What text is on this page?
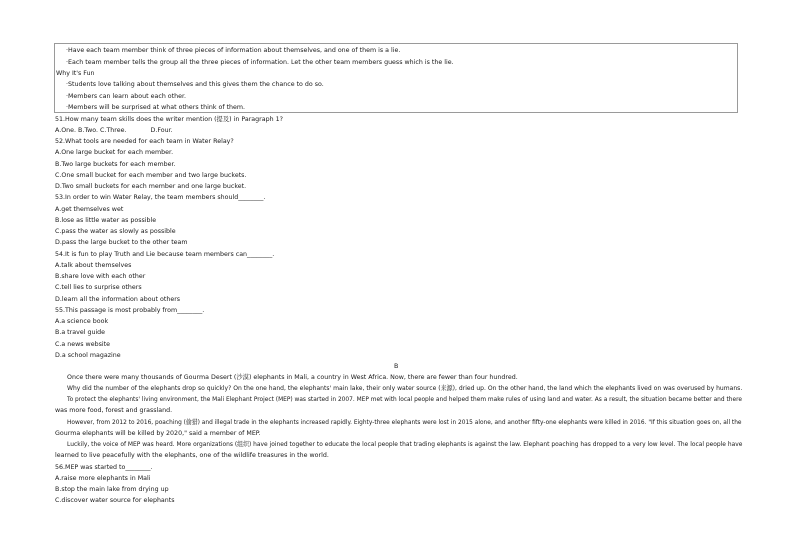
·Have each team member think of three pieces of information about themselves, and one of them is a lie.
·Each team member tells the group all the three pieces of information. Let the other team members guess which is the lie.
Why It's Fun
·Students love talking about themselves and this gives them the chance to do so.
·Members can learn about each other.
·Members will be surprised at what others think of them.
51.How many team skills does the writer mention (提及) in Paragraph 1?
A.One. B.Two. C.Three.            D.Four.
52.What tools are needed for each team in Water Relay?
A.One large bucket for each member.
B.Two large buckets for each member.
C.One small bucket for each member and two large buckets.
D.Two small buckets for each member and one large bucket.
53.In order to win Water Relay, the team members should________.
A.get themselves wet
B.lose as little water as possible
C.pass the water as slowly as possible
D.pass the large bucket to the other team
54.It is fun to play Truth and Lie because team members can________.
A.talk about themselves
B.share love with each other
C.tell lies to surprise others
D.learn all the information about others
55.This passage is most probably from________.
A.a science book
B.a travel guide
C.a news website
D.a school magazine
B
Once there were many thousands of Gourma Desert (沙漠) elephants in Mali, a country in West Africa. Now, there are fewer than four hundred.
Why did the number of the elephants drop so quickly? On the one hand, the elephants' main lake, their only water source (来源), dried up. On the other hand, the land which the elephants lived on was overused by humans.
To protect the elephants' living environment, the Mali Elephant Project (MEP) was started in 2007. MEP met with local people and helped them make rules of using land and water. As a result, the situation became better and there
was more food, forest and grassland.
However, from 2012 to 2016, poaching (偷猎) and illegal trade in the elephants increased rapidly. Eighty-three elephants were lost in 2015 alone, and another fifty-one elephants were killed in 2016. "If this situation goes on, all the
Gourma elephants will be killed by 2020," said a member of MEP.
Luckily, the voice of MEP was heard. More organizations (组织) have joined together to educate the local people that trading elephants is against the law. Elephant poaching has dropped to a very low level. The local people have
learned to live peacefully with the elephants, one of the wildlife treasures in the world.
56.MEP was started to________.
A.raise more elephants in Mali
B.stop the main lake from drying up
C.discover water source for elephants
